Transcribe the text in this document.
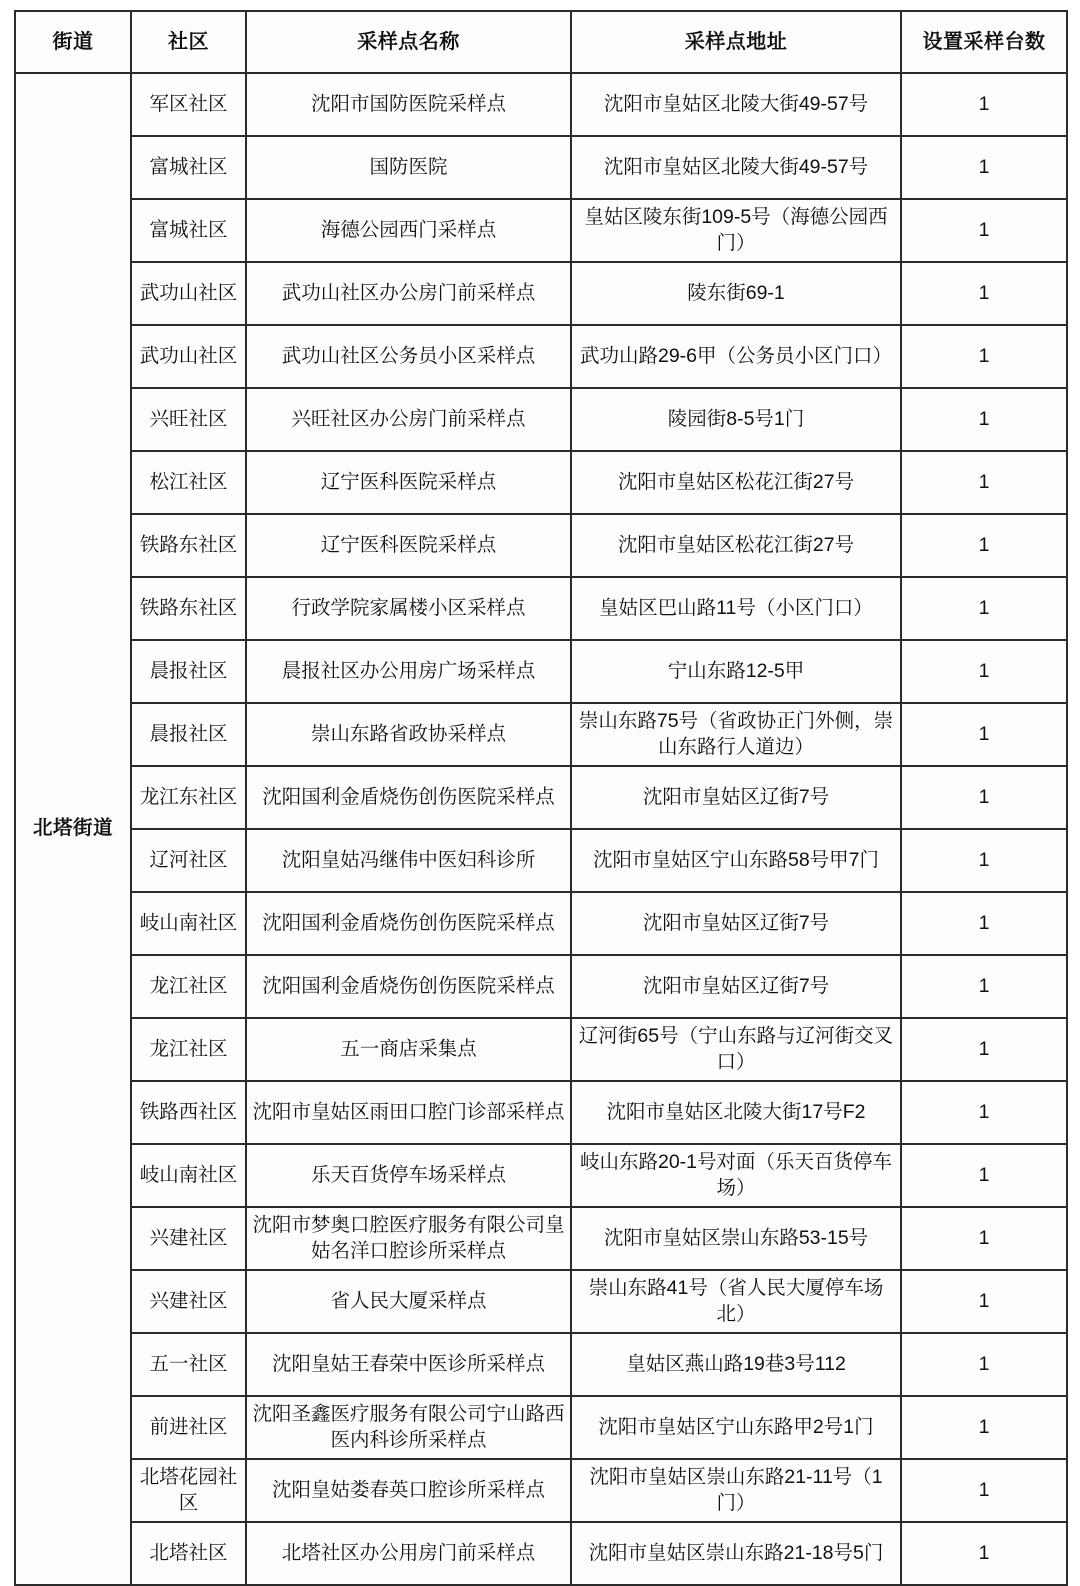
街道	社区	采样点名称	采样点地址	设置采样台数
北塔街道	军区社区	沈阳市国防医院采样点	沈阳市皇姑区北陵大街49-57号	1
	富城社区	国防医院	沈阳市皇姑区北陵大街49-57号	1
	富城社区	海德公园西门采样点	皇姑区陵东街109-5号（海德公园西门）	1
	武功山社区	武功山社区办公房门前采样点	陵东街69-1	1
	武功山社区	武功山社区公务员小区采样点	武功山路29-6甲（公务员小区门口）	1
	兴旺社区	兴旺社区办公房门前采样点	陵园街8-5号1门	1
	松江社区	辽宁医科医院采样点	沈阳市皇姑区松花江街27号	1
	铁路东社区	辽宁医科医院采样点	沈阳市皇姑区松花江街27号	1
	铁路东社区	行政学院家属楼小区采样点	皇姑区巴山路11号（小区门口）	1
	晨报社区	晨报社区办公用房广场采样点	宁山东路12-5甲	1
	晨报社区	崇山东路省政协采样点	崇山东路75号（省政协正门外侧，崇山东路行人道边）	1
	龙江东社区	沈阳国利金盾烧伤创伤医院采样点	沈阳市皇姑区辽街7号	1
	辽河社区	沈阳皇姑冯继伟中医妇科诊所	沈阳市皇姑区宁山东路58号甲7门	1
	岐山南社区	沈阳国利金盾烧伤创伤医院采样点	沈阳市皇姑区辽街7号	1
	龙江社区	沈阳国利金盾烧伤创伤医院采样点	沈阳市皇姑区辽街7号	1
	龙江社区	五一商店采集点	辽河街65号（宁山东路与辽河街交叉口）	1
	铁路西社区	沈阳市皇姑区雨田口腔门诊部采样点	沈阳市皇姑区北陵大街17号F2	1
	岐山南社区	乐天百货停车场采样点	岐山东路20-1号对面（乐天百货停车场）	1
	兴建社区	沈阳市梦奥口腔医疗服务有限公司皇姑名洋口腔诊所采样点	沈阳市皇姑区崇山东路53-15号	1
	兴建社区	省人民大厦采样点	崇山东路41号（省人民大厦停车场北）	1
	五一社区	沈阳皇姑王春荣中医诊所采样点	皇姑区燕山路19巷3号112	1
	前进社区	沈阳圣鑫医疗服务有限公司宁山路西医内科诊所采样点	沈阳市皇姑区宁山东路甲2号1门	1
	北塔花园社区	沈阳皇姑娄春英口腔诊所采样点	沈阳市皇姑区崇山东路21-11号（1门）	1
	北塔社区	北塔社区办公用房门前采样点	沈阳市皇姑区崇山东路21-18号5门	1
